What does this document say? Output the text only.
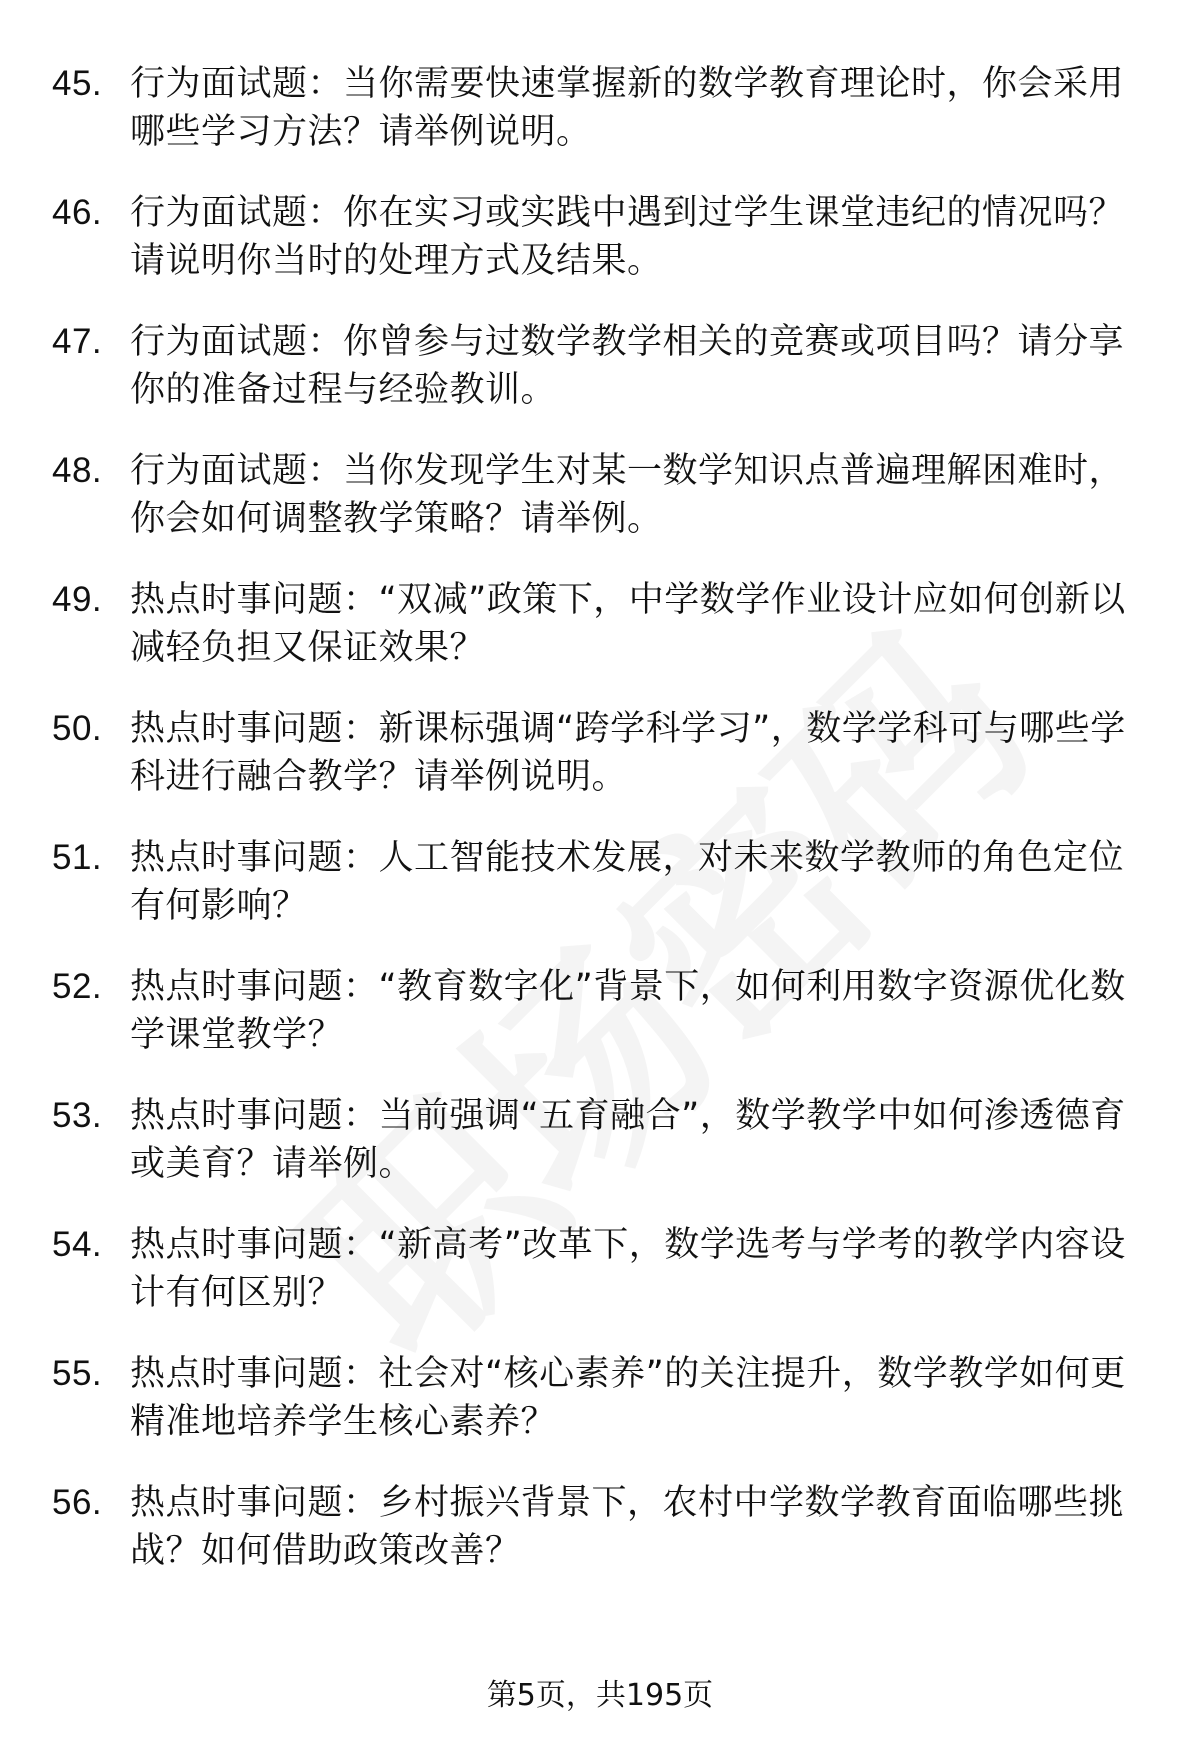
45. 行为面试题：当你需要快速掌握新的数学教育理论时，你会采用哪些学习方法？请举例说明。
46. 行为面试题：你在实习或实践中遇到过学生课堂违纪的情况吗？请说明你当时的处理方式及结果。
47. 行为面试题：你曾参与过数学教学相关的竞赛或项目吗？请分享你的准备过程与经验教训。
48. 行为面试题：当你发现学生对某一数学知识点普遍理解困难时，你会如何调整教学策略？请举例。
49. 热点时事问题：“双减”政策下，中学数学作业设计应如何创新以减轻负担又保证效果？
50. 热点时事问题：新课标强调“跨学科学习”，数学学科可与哪些学科进行融合教学？请举例说明。
51. 热点时事问题：人工智能技术发展，对未来数学教师的角色定位有何影响？
52. 热点时事问题：“教育数字化”背景下，如何利用数字资源优化数学课堂教学？
53. 热点时事问题：当前强调“五育融合”，数学教学中如何渗透德育或美育？请举例。
54. 热点时事问题：“新高考”改革下，数学选考与学考的教学内容设计有何区别？
55. 热点时事问题：社会对“核心素养”的关注提升，数学教学如何更精准地培养学生核心素养？
56. 热点时事问题：乡村振兴背景下，农村中学数学教育面临哪些挑战？如何借助政策改善？
第5页，共195页
